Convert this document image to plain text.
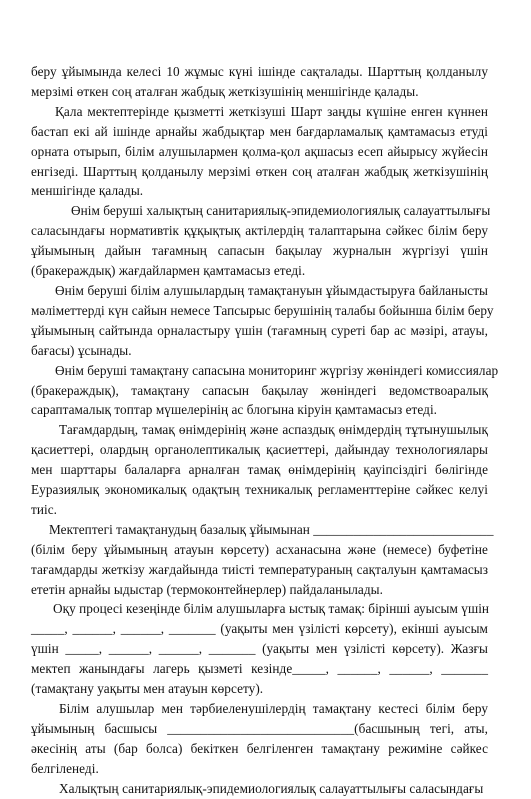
беру ұйымында келесі 10 жұмыс күні ішінде сақталады. Шарттың қолданылу
мерзімі өткен соң аталған жабдық жеткізушінің меншігінде қалады.

Қала мектептерінде қызметті жеткізуші Шарт заңды күшіне енген күннен
бастап екі ай ішінде арнайы жабдықтар мен бағдарламалық қамтамасыз етуді
орната отырып, білім алушылармен қолма-қол ақшасыз есеп айырысу жүйесін
енгізеді. Шарттың қолданылу мерзімі өткен соң аталған жабдық жеткізушінің
меншігінде қалады.

Өнім беруші халықтың санитариялық-эпидемиологиялық салауаттылығы
саласындағы нормативтік құқықтық актілердің талаптарына сәйкес білім беру
ұйымының дайын тағамның сапасын бақылау журналын жүргізуі үшін
(бракераждық) жағдайлармен қамтамасыз етеді.

Өнім беруші білім алушылардың тамақтануын ұйымдастыруға байланысты
мәліметтерді күн сайын немесе Тапсырыс берушінің талабы бойынша білім беру
ұйымының сайтында орналастыру үшін (тағамның суреті бар ас мәзірі, атауы,
бағасы) ұсынады.

Өнім беруші тамақтану сапасына мониторинг жүргізу жөніндегі комиссиялар
(бракераждық), тамақтану сапасын бақылау жөніндегі ведомствоаралық
сараптамалық топтар мүшелерінің ас блогына кіруін қамтамасыз етеді.

Тағамдардың, тамақ өнімдерінің және аспаздық өнімдердің тұтынушылық
қасиеттері, олардың органолептикалық қасиеттері, дайындау технологиялары
мен шарттары балаларға арналған тамақ өнімдерінің қауіпсіздігі бөлігінде
Еуразиялық экономикалық одақтың техникалық регламенттеріне сәйкес келуі
тиіс.

Мектептегі тамақтанудың базалық ұйымынан ___________________________
(білім беру ұйымының атауын көрсету) асханасына және (немесе) буфетіне
тағамдарды жеткізу жағдайында тиісті температураның сақталуын қамтамасыз
ететін арнайы ыдыстар (термоконтейнерлер) пайдаланылады.

Оқу процесі кезеңінде білім алушыларға ыстық тамақ: бірінші ауысым үшін
_____, ______, ______, _______ (уақыты мен үзілісті көрсету), екінші ауысым
үшін _____, ______, ______, _______ (уақыты мен үзілісті көрсету). Жазғы
мектеп жанындағы лагерь қызметі кезінде_____, ______, ______, _______
(тамақтану уақыты мен атауын көрсету).

Білім алушылар мен тәрбиеленушілердің тамақтану кестесі білім беру
ұйымының басшысы ____________________________(басшының тегі, аты,
әкесінің аты (бар болса) бекіткен белгіленген тамақтану режиміне сәйкес
белгіленеді.

Халықтың санитариялық-эпидемиологиялық салауаттылығы саласындағы
